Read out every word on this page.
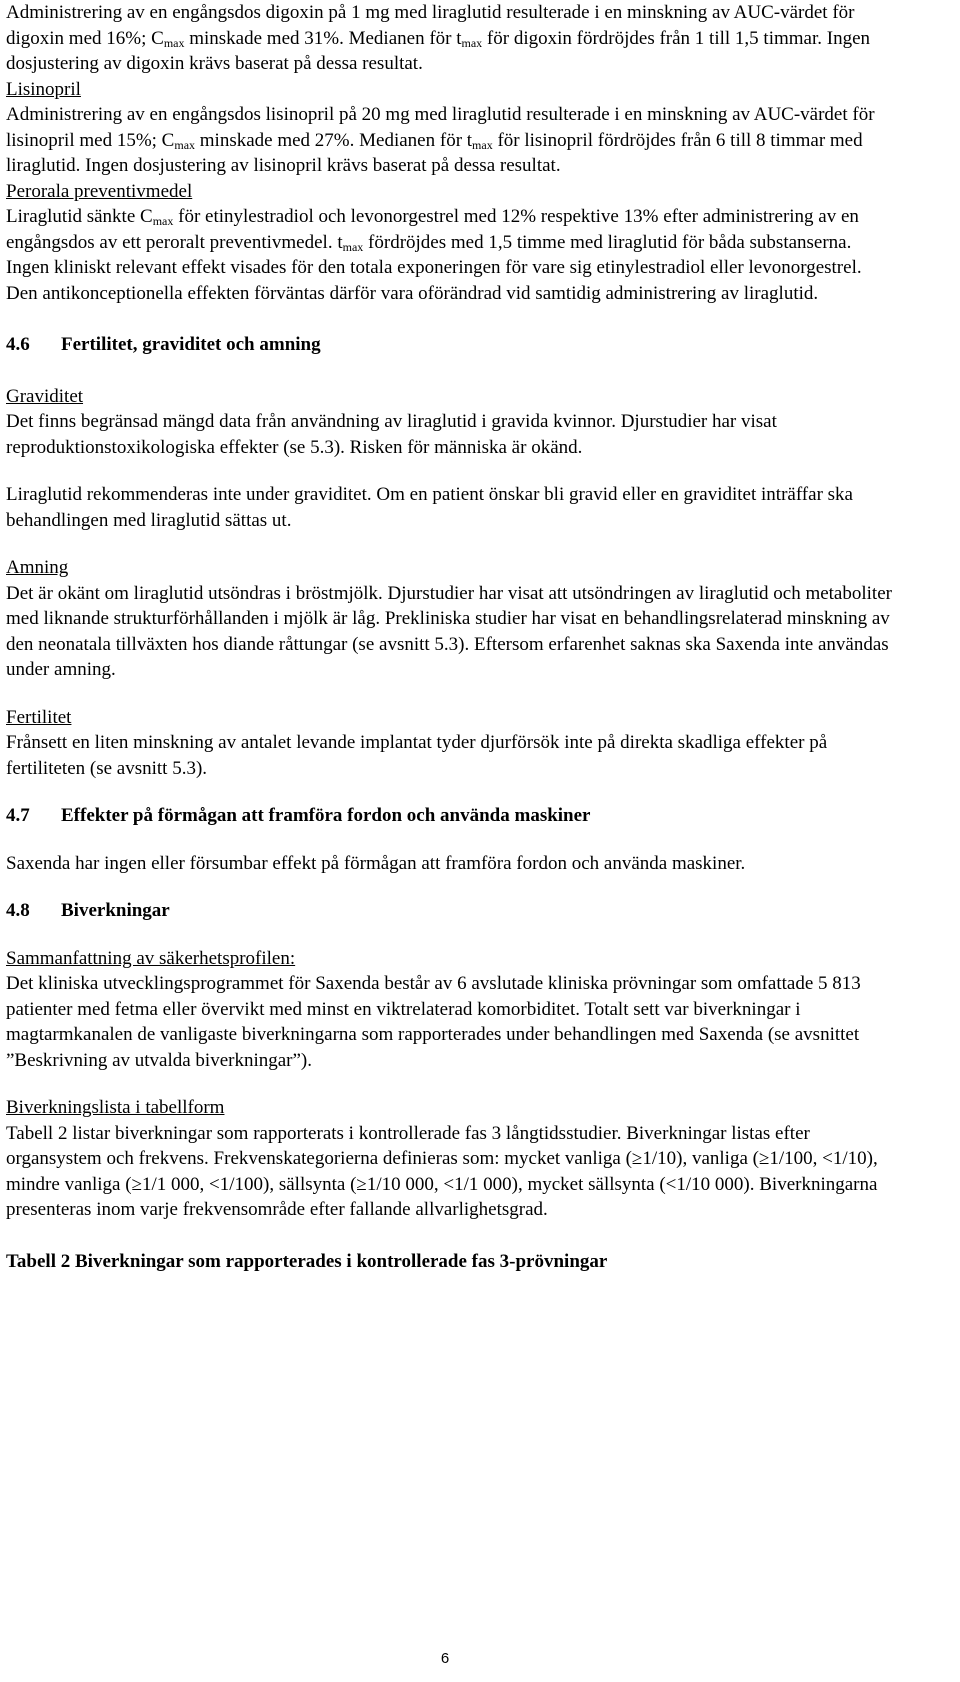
Administrering av en engångsdos digoxin på 1 mg med liraglutid resulterade i en minskning av AUC-värdet för digoxin med 16%; $C_{max}$ minskade med 31%. Medianen för $t_{max}$ för digoxin fördröjdes från 1 till 1,5 timmar. Ingen dosjustering av digoxin krävs baserat på dessa resultat.

Lisinopril

Administrering av en engångsdos lisinopril på 20 mg med liraglutid resulterade i en minskning av AUC-värdet för lisinopril med 15%; $C_{max}$ minskade med 27%. Medianen för $t_{max}$ för lisinopril fördröjdes från 6 till 8 timmar med liraglutid. Ingen dosjustering av lisinopril krävs baserat på dessa resultat.

Perorala preventivmedel

Liraglutid sänkte $C_{max}$ för etinylestradiol och levonorgestrel med 12% respektive 13% efter administrering av en engångsdos av ett peroralt preventivmedel. $t_{max}$ fördröjdes med 1,5 timme med liraglutid för båda substanserna. Ingen kliniskt relevant effekt visades för den totala exponeringen för vare sig etinylestradiol eller levonorgestrel. Den antikonceptionella effekten förväntas därför vara oförändrad vid samtidig administrering av liraglutid.

4.6	Fertilitet, graviditet och amning

Graviditet

Det finns begränsad mängd data från användning av liraglutid i gravida kvinnor. Djurstudier har visat reproduktionstoxikologiska effekter (se 5.3). Risken för människa är okänd.

Liraglutid rekommenderas inte under graviditet. Om en patient önskar bli gravid eller en graviditet inträffar ska behandlingen med liraglutid sättas ut.

Amning

Det är okänt om liraglutid utsöndras i bröstmjölk. Djurstudier har visat att utsöndringen av liraglutid och metaboliter med liknande strukturförhållanden i mjölk är låg. Prekliniska studier har visat en behandlingsrelaterad minskning av den neonatala tillväxten hos diande råttungar (se avsnitt 5.3). Eftersom erfarenhet saknas ska Saxenda inte användas under amning.

Fertilitet

Frånsett en liten minskning av antalet levande implantat tyder djurförsök inte på direkta skadliga effekter på fertiliteten (se avsnitt 5.3).

4.7	Effekter på förmågan att framföra fordon och använda maskiner

Saxenda har ingen eller försumbar effekt på förmågan att framföra fordon och använda maskiner.

4.8	Biverkningar

Sammanfattning av säkerhetsprofilen:

Det kliniska utvecklingsprogrammet för Saxenda består av 6 avslutade kliniska prövningar som omfattade 5 813 patienter med fetma eller övervikt med minst en viktrelaterad komorbiditet. Totalt sett var biverkningar i magtarmkanalen de vanligaste biverkningarna som rapporterades under behandlingen med Saxenda (se avsnittet ”Beskrivning av utvalda biverkningar”).

Biverkningslista i tabellform

Tabell 2 listar biverkningar som rapporterats i kontrollerade fas 3 långtidsstudier. Biverkningar listas efter organsystem och frekvens. Frekvenskategorierna definieras som: mycket vanliga (≥1/10), vanliga (≥1/100, <1/10), mindre vanliga (≥1/1 000, <1/100), sällsynta (≥1/10 000, <1/1 000), mycket sällsynta (<1/10 000). Biverkningarna presenteras inom varje frekvensområde efter fallande allvarlighetsgrad.

Tabell 2 Biverkningar som rapporterades i kontrollerade fas 3-prövningar

6
